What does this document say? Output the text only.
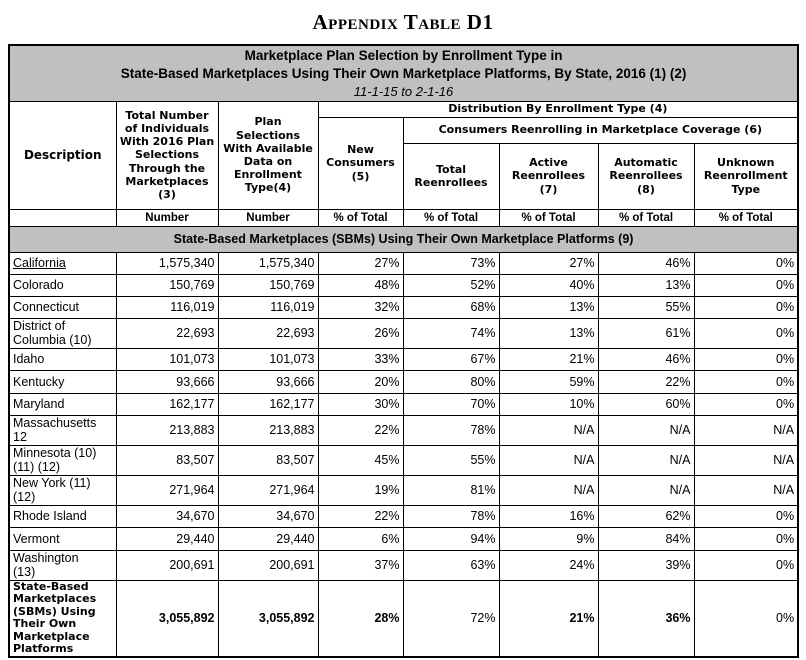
Appendix Table D1
Marketplace Plan Selection by Enrollment Type in
State-Based Marketplaces Using Their Own Marketplace Platforms, By State, 2016 (1) (2)
11-1-15 to 2-1-16							

Description	Total Number of Individuals With 2016 Plan Selections Through the Marketplaces (3)	Plan Selections With Available Data on Enrollment Type(4)	Distribution By Enrollment Type (4)				
			New Consumers (5)	Consumers Reenrolling in Marketplace Coverage (6)			
				Total Reenrollees	Active Reenrollees (7)	Automatic Reenrollees (8)	Unknown Reenrollment Type
	Number	Number	% of Total	% of Total	% of Total	% of Total	% of Total
State-Based Marketplaces (SBMs) Using Their Own Marketplace Platforms (9)							

California	1,575,340	1,575,340	27%	73%	27%	46%	0%

Colorado	150,769	150,769	48%	52%	40%	13%	0%

Connecticut	116,019	116,019	32%	68%	13%	55%	0%

District of Columbia (10)	22,693	22,693	26%	74%	13%	61%	0%

Idaho	101,073	101,073	33%	67%	21%	46%	0%

Kentucky	93,666	93,666	20%	80%	59%	22%	0%

Maryland	162,177	162,177	30%	70%	10%	60%	0%

Massachusetts 12	213,883	213,883	22%	78%	N/A	N/A	N/A

Minnesota (10) (11) (12)	83,507	83,507	45%	55%	N/A	N/A	N/A

New York (11) (12)	271,964	271,964	19%	81%	N/A	N/A	N/A

Rhode Island	34,670	34,670	22%	78%	16%	62%	0%

Vermont	29,440	29,440	6%	94%	9%	84%	0%

Washington (13)	200,691	200,691	37%	63%	24%	39%	0%

State-Based Marketplaces (SBMs) Using Their Own Marketplace Platforms	3,055,892	3,055,892	28%	72%	21%	36%	0%
